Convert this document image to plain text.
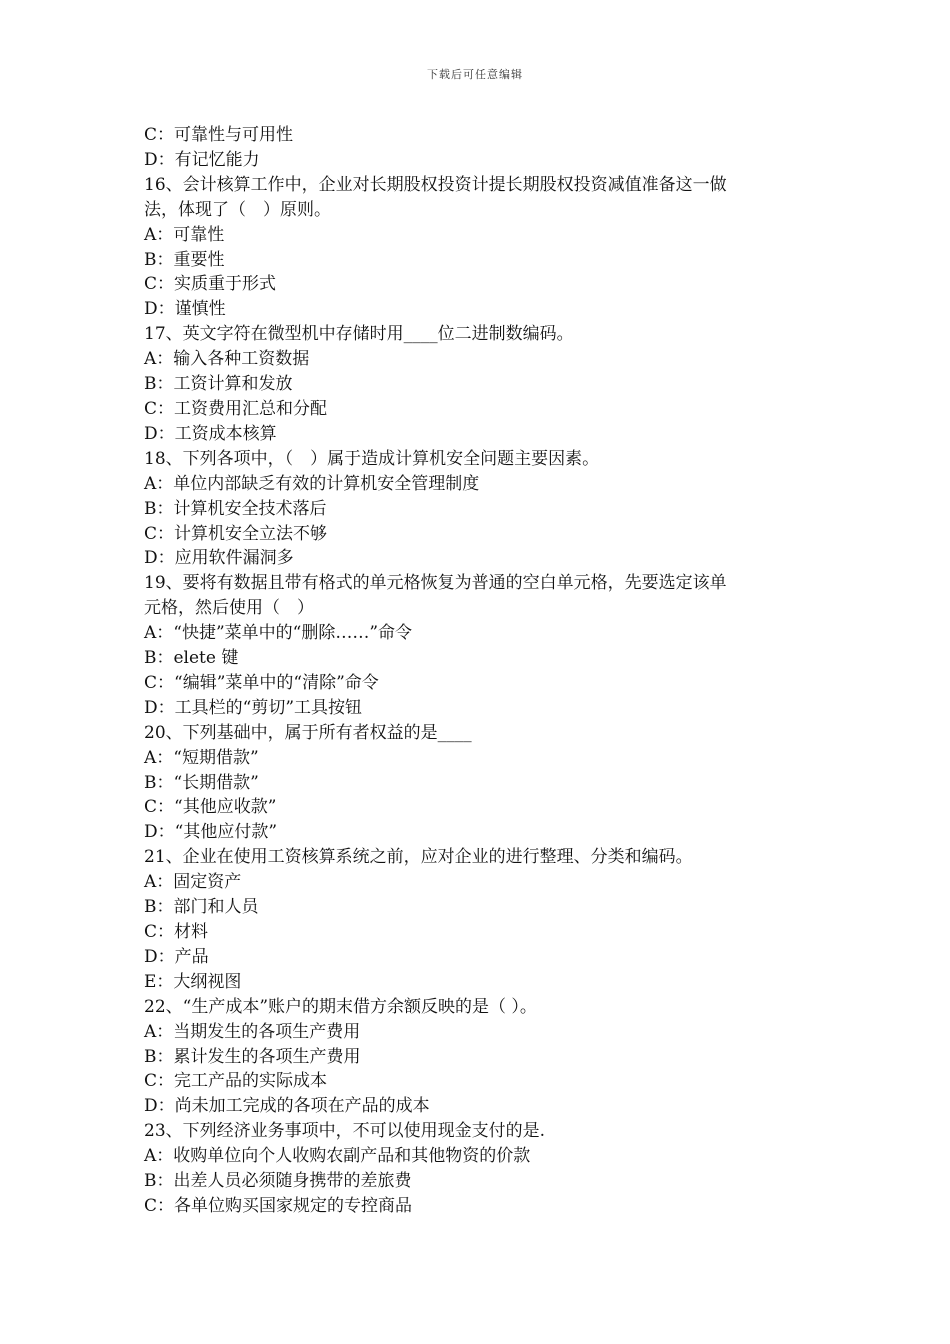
下载后可任意编辑
C：可靠性与可用性
D：有记忆能力
16、会计核算工作中，企业对长期股权投资计提长期股权投资减值准备这一做
法，体现了（　）原则。
A：可靠性
B：重要性
C：实质重于形式
D：谨慎性
17、英文字符在微型机中存储时用____位二进制数编码。
A：输入各种工资数据
B：工资计算和发放
C：工资费用汇总和分配
D：工资成本核算
18、下列各项中，（　）属于造成计算机安全问题主要因素。
A：单位内部缺乏有效的计算机安全管理制度
B：计算机安全技术落后
C：计算机安全立法不够
D：应用软件漏洞多
19、要将有数据且带有格式的单元格恢复为普通的空白单元格，先要选定该单
元格，然后使用（　）
A：“快捷”菜单中的“删除……”命令
B：elete 键
C：“编辑”菜单中的“清除”命令
D：工具栏的“剪切”工具按钮
20、下列基础中，属于所有者权益的是____
A：“短期借款”
B：“长期借款”
C：“其他应收款”
D：“其他应付款”
21、企业在使用工资核算系统之前，应对企业的进行整理、分类和编码。
A：固定资产
B：部门和人员
C：材料
D：产品
E：大纲视图
22、“生产成本”账户的期末借方余额反映的是（ ）。
A：当期发生的各项生产费用
B：累计发生的各项生产费用
C：完工产品的实际成本
D：尚未加工完成的各项在产品的成本
23、下列经济业务事项中，不可以使用现金支付的是.
A：收购单位向个人收购农副产品和其他物资的价款
B：出差人员必须随身携带的差旅费
C：各单位购买国家规定的专控商品
